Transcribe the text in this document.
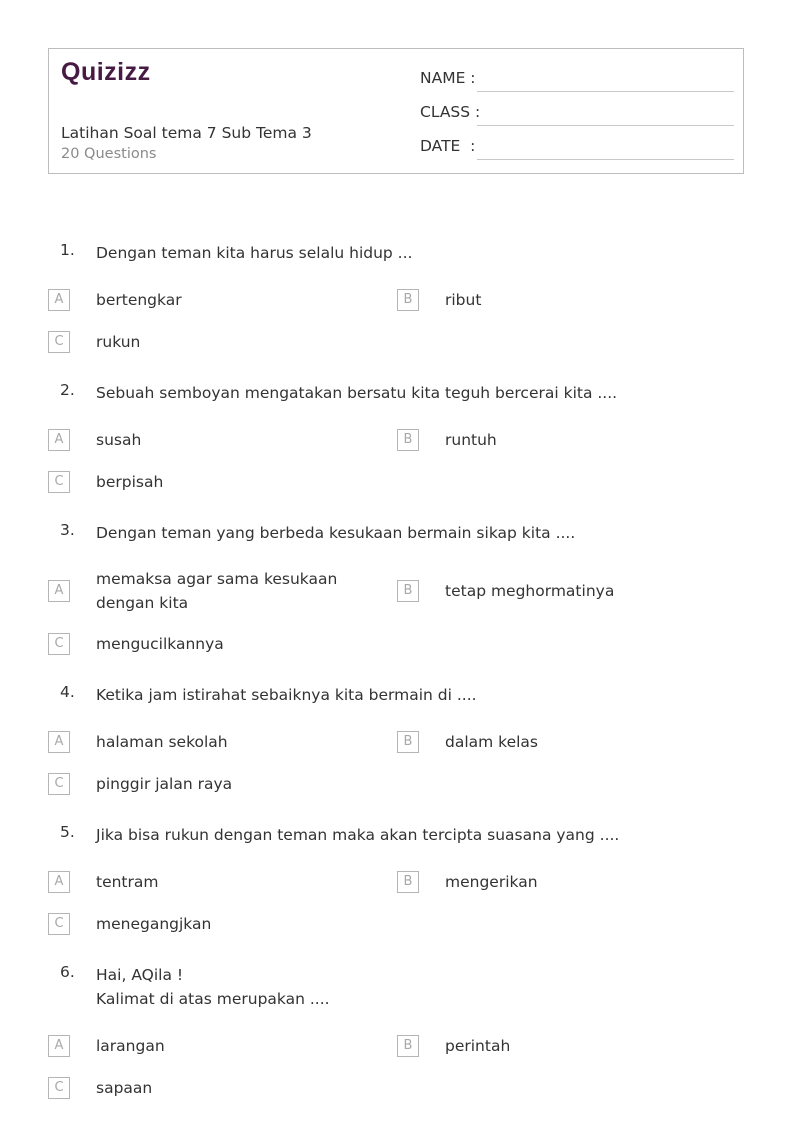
Quizizz
Latihan Soal tema 7 Sub Tema 3
20 Questions
NAME :
CLASS :
DATE  :
1. Dengan teman kita harus selalu hidup ...
A	bertengkar	B	ribut
C	rukun
2. Sebuah semboyan mengatakan bersatu kita teguh bercerai kita ....
A	susah	B	runtuh
C	berpisah
3. Dengan teman yang berbeda kesukaan bermain sikap kita ....
A
memaksa agar sama kesukaan dengan kita
B	tetap meghormatinya
C	mengucilkannya
4. Ketika jam istirahat sebaiknya kita bermain di ....
A	halaman sekolah	B	dalam kelas
C	pinggir jalan raya
5. Jika bisa rukun dengan teman maka akan tercipta suasana yang ....
A	tentram	B	mengerikan
C	menegangjkan
6. Hai, AQila !
Kalimat di atas merupakan ....
A	larangan	B	perintah
C	sapaan
